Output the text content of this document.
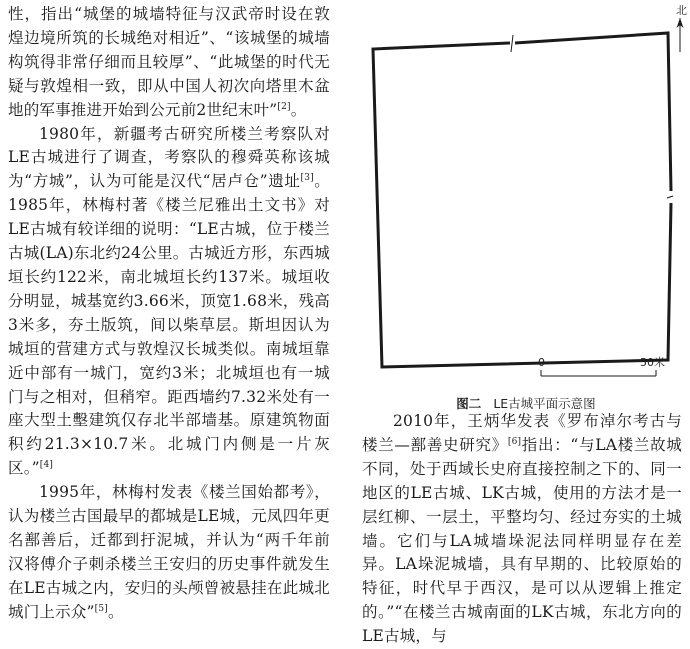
性，指出“城堡的城墙特征与汉武帝时设在敦煌边境所筑的长城绝对相近”、“该城堡的城墙构筑得非常仔细而且较厚”、“此城堡的时代无疑与敦煌相一致，即从中国人初次向塔里木盆地的军事推进开始到公元前2世纪末叶”[2]。

1980年，新疆考古研究所楼兰考察队对LE古城进行了调查，考察队的穆舜英称该城为“方城”，认为可能是汉代“居卢仓”遗址[3]。1985年，林梅村著《楼兰尼雅出土文书》对LE古城有较详细的说明：“LE古城，位于楼兰古城(LA)东北约24公里。古城近方形，东西城垣长约122米，南北城垣长约137米。城垣收分明显，城基宽约3.66米，顶宽1.68米，残高3米多，夯土版筑，间以柴草层。斯坦因认为城垣的营建方式与敦煌汉长城类似。南城垣靠近中部有一城门，宽约3米；北城垣也有一城门与之相对，但稍窄。距西墙约7.32米处有一座大型土墼建筑仅存北半部墙基。原建筑物面积约21.3×10.7米。北城门内侧是一片灰区。”[4]

1995年，林梅村发表《楼兰国始都考》，认为楼兰古国最早的都城是LE城，元凤四年更名鄯善后，迁都到扜泥城，并认为“两千年前汉将傅介子刺杀楼兰王安归的历史事件就发生在LE古城之内，安归的头颅曾被悬挂在此城北城门上示众”[5]。

北
0	50米
图二 LE古城平面示意图

2010年，王炳华发表《罗布淖尔考古与楼兰—鄯善史研究》[6]指出：“与LA楼兰故城不同，处于西域长史府直接控制之下的、同一地区的LE古城、LK古城，使用的方法才是一层红柳、一层土，平整均匀、经过夯实的土城墙。它们与LA城墙垛泥法同样明显存在差异。LA垛泥城墙，具有早期的、比较原始的特征，时代早于西汉，是可以从逻辑上推定的。”“在楼兰古城南面的LK古城，东北方向的LE古城，与
